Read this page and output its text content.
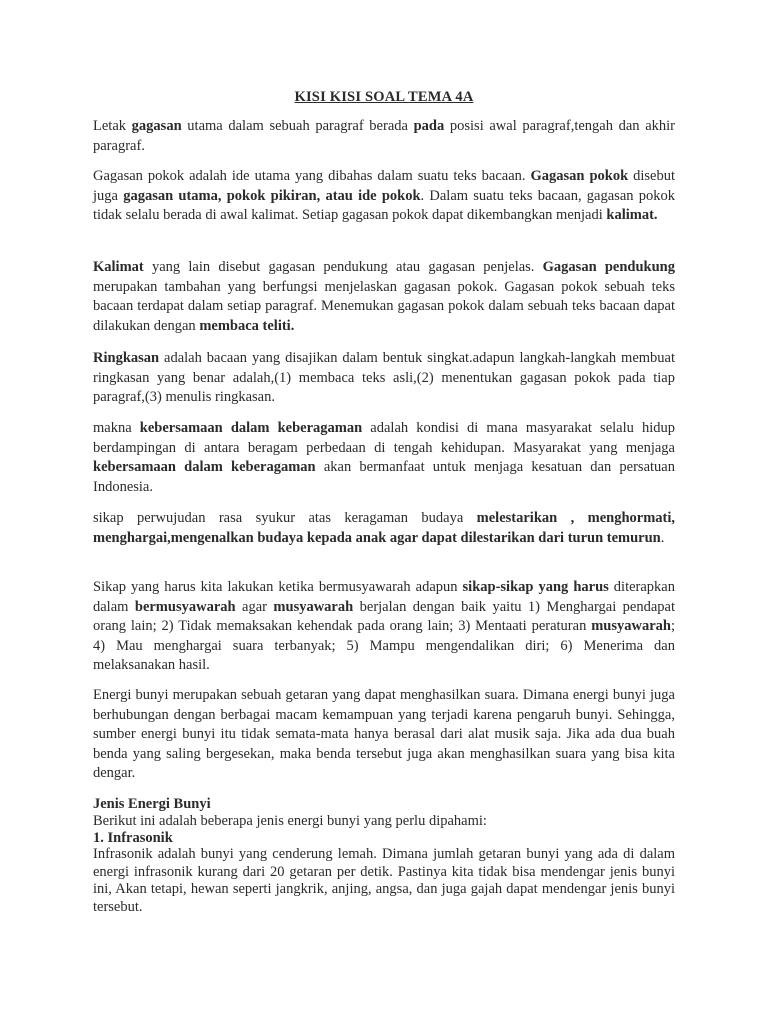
KISI KISI SOAL TEMA 4A

Letak gagasan utama dalam sebuah paragraf berada pada posisi awal paragraf,tengah dan akhir paragraf.

Gagasan pokok adalah ide utama yang dibahas dalam suatu teks bacaan. Gagasan pokok disebut juga gagasan utama, pokok pikiran, atau ide pokok. Dalam suatu teks bacaan, gagasan pokok tidak selalu berada di awal kalimat. Setiap gagasan pokok dapat dikembangkan menjadi kalimat.

Kalimat yang lain disebut gagasan pendukung atau gagasan penjelas. Gagasan pendukung merupakan tambahan yang berfungsi menjelaskan gagasan pokok. Gagasan pokok sebuah teks bacaan terdapat dalam setiap paragraf. Menemukan gagasan pokok dalam sebuah teks bacaan dapat dilakukan dengan membaca teliti.

Ringkasan adalah bacaan yang disajikan dalam bentuk singkat.adapun langkah-langkah membuat ringkasan yang benar adalah,(1) membaca teks asli,(2) menentukan gagasan pokok pada tiap paragraf,(3) menulis ringkasan.

makna kebersamaan dalam keberagaman adalah kondisi di mana masyarakat selalu hidup berdampingan di antara beragam perbedaan di tengah kehidupan. Masyarakat yang menjaga kebersamaan dalam keberagaman akan bermanfaat untuk menjaga kesatuan dan persatuan Indonesia.

sikap perwujudan rasa syukur atas keragaman budaya melestarikan , menghormati, menghargai,mengenalkan budaya kepada anak agar dapat dilestarikan dari turun temurun.

Sikap yang harus kita lakukan ketika bermusyawarah adapun sikap-sikap yang harus diterapkan dalam bermusyawarah agar musyawarah berjalan dengan baik yaitu 1) Menghargai pendapat orang lain; 2) Tidak memaksakan kehendak pada orang lain; 3) Mentaati peraturan musyawarah; 4) Mau menghargai suara terbanyak; 5) Mampu mengendalikan diri; 6) Menerima dan melaksanakan hasil.

Energi bunyi merupakan sebuah getaran yang dapat menghasilkan suara. Dimana energi bunyi juga berhubungan dengan berbagai macam kemampuan yang terjadi karena pengaruh bunyi. Sehingga, sumber energi bunyi itu tidak semata-mata hanya berasal dari alat musik saja. Jika ada dua buah benda yang saling bergesekan, maka benda tersebut juga akan menghasilkan suara yang bisa kita dengar.

Jenis Energi Bunyi

Berikut ini adalah beberapa jenis energi bunyi yang perlu dipahami:

1. Infrasonik

Infrasonik adalah bunyi yang cenderung lemah. Dimana jumlah getaran bunyi yang ada di dalam energi infrasonik kurang dari 20 getaran per detik. Pastinya kita tidak bisa mendengar jenis bunyi ini, Akan tetapi, hewan seperti jangkrik, anjing, angsa, dan juga gajah dapat mendengar jenis bunyi tersebut.
